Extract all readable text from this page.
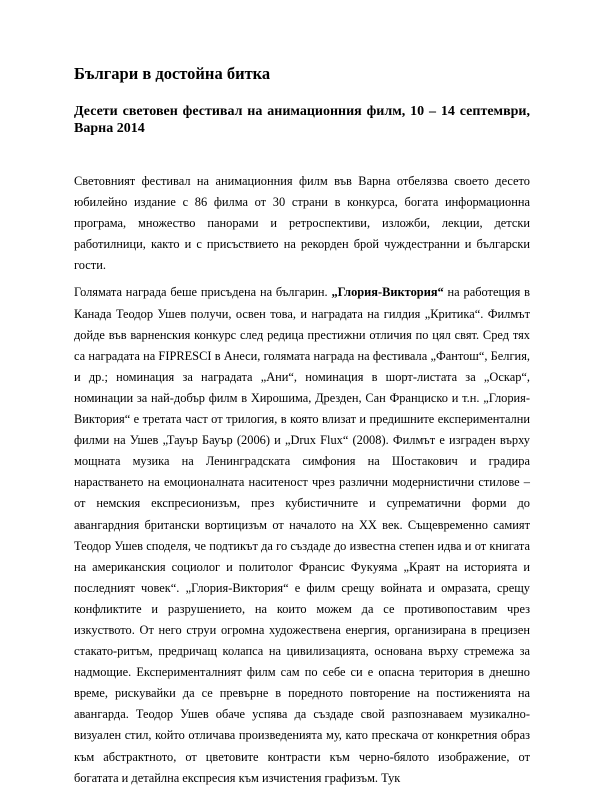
Българи в достойна битка
Десети световен фестивал на анимационния филм, 10 – 14 септември, Варна 2014

Световният фестивал на анимационния филм във Варна отбелязва своето десето юбилейно издание с 86 филма от 30 страни в конкурса, богата информационна програма, множество панорами и ретроспективи, изложби, лекции, детски работилници, както и с присъствието на рекорден брой чуждестранни и български гости.

Голямата награда беше присъдена на българин. „Глория-Виктория“ на работещия в Канада Теодор Ушев получи, освен това, и наградата на гилдия „Критика“. Филмът дойде във варненския конкурс след редица престижни отличия по цял свят. Сред тях са наградата на FIPRESCI в Анеси, голямата награда на фестивала „Фантош“, Белгия, и др.; номинация за наградата „Ани“, номинация в шорт-листата за „Оскар“, номинации за най-добър филм в Хирошима, Дрезден, Сан Франциско и т.н. „Глория-Виктория“ е третата част от трилогия, в която влизат и предишните експериментални филми на Ушев „Тауър Бауър (2006) и „Drux Flux“ (2008). Филмът е изграден върху мощната музика на Ленинградската симфония на Шостакович и градира нарастването на емоционалната наситеност чрез различни модернистични стилове – от немския експресионизъм, през кубистичните и супрематични форми до авангардния британски вортицизъм от началото на ХХ век. Същевременно самият Теодор Ушев споделя, че подтикът да го създаде до известна степен идва и от книгата на американския социолог и политолог Франсис Фукуяма „Краят на историята и последният човек“. „Глория-Виктория“ е филм срещу войната и омразата, срещу конфликтите и разрушението, на които можем да се противопоставим чрез изкуството. От него струи огромна художествена енергия, организирана в прецизен стакато-ритъм, предричащ колапса на цивилизацията, основана върху стремежа за надмощие. Експерименталният филм сам по себе си е опасна територия в днешно време, рискувайки да се превърне в поредното повторение на постиженията на авангарда. Теодор Ушев обаче успява да създаде свой разпознаваем музикално-визуален стил, който отличава произведенията му, като прескача от конкретния образ към абстрактното, от цветовите контрасти към черно-бялото изображение, от богатата и детайлна експресия към изчистения графизъм. Тук
